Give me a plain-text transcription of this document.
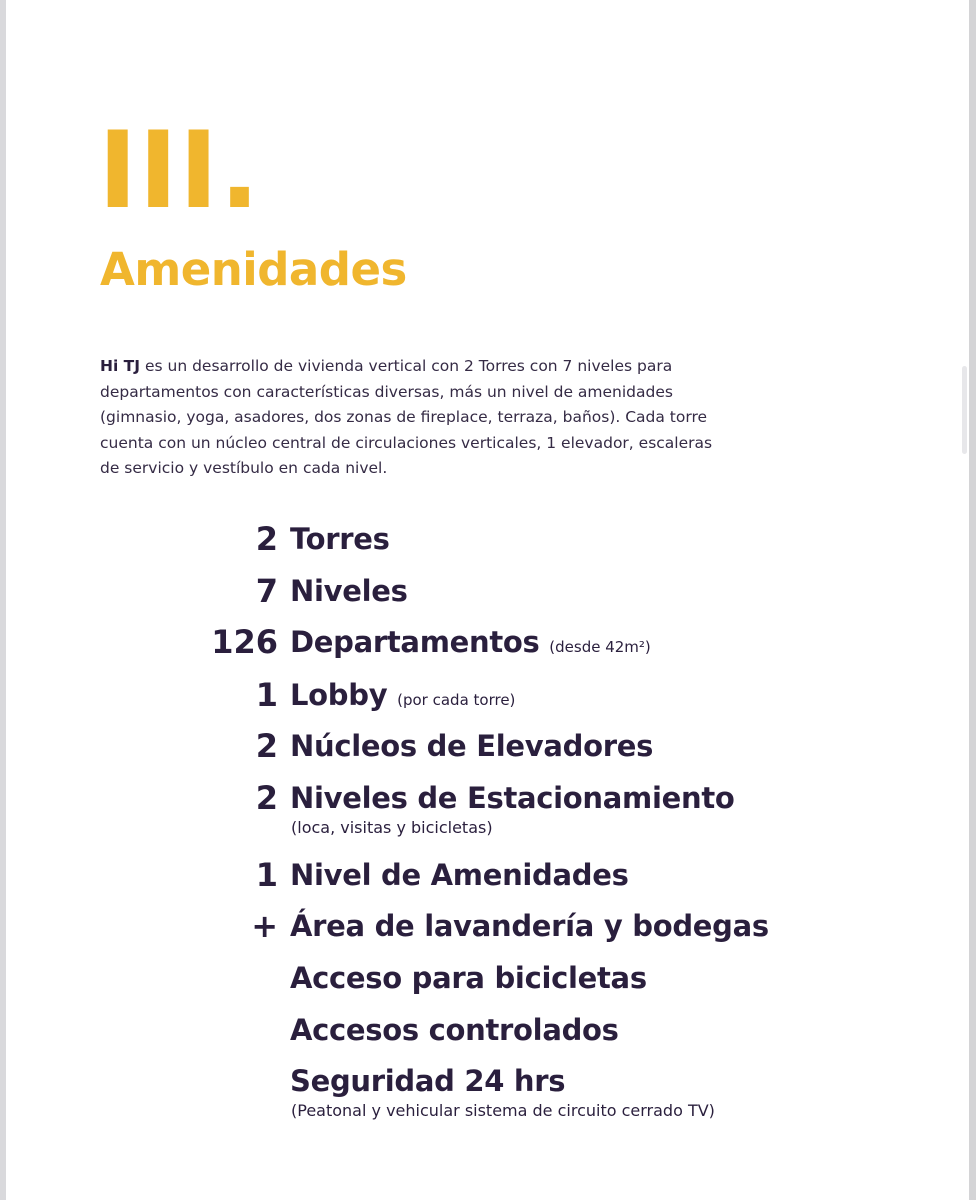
III.
Amenidades

Hi TJ es un desarrollo de vivienda vertical con 2 Torres con 7 niveles para departamentos con características diversas, más un nivel de amenidades (gimnasio, yoga, asadores, dos zonas de fireplace, terraza, baños). Cada torre cuenta con un núcleo central de circulaciones verticales, 1 elevador, escaleras de servicio y vestíbulo en cada nivel.

2 Torres
7 Niveles
126 Departamentos (desde 42m²)
1 Lobby (por cada torre)
2 Núcleos de Elevadores
2 Niveles de Estacionamiento
(loca, visitas y bicicletas)
1 Nivel de Amenidades
+ Área de lavandería y bodegas
Acceso para bicicletas
Accesos controlados
Seguridad 24 hrs
(Peatonal y vehicular sistema de circuito cerrado TV)
